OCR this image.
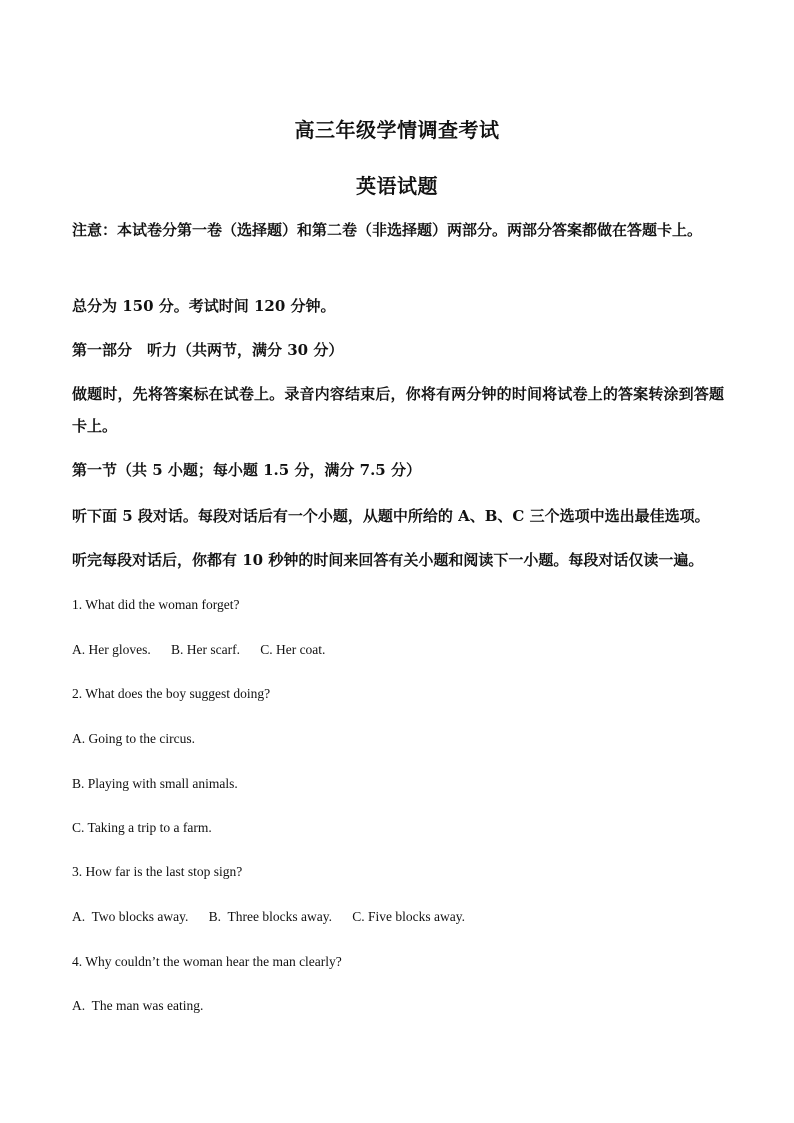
高三年级学情调查考试
英语试题
注意：本试卷分第一卷（选择题）和第二卷（非选择题）两部分。两部分答案都做在答题卡上。
总分为 150 分。考试时间 120 分钟。
第一部分　听力（共两节，满分 30 分）
做题时，先将答案标在试卷上。录音内容结束后，你将有两分钟的时间将试卷上的答案转涂到答题卡上。
第一节（共 5 小题；每小题 1.5 分，满分 7.5 分）
听下面 5 段对话。每段对话后有一个小题，从题中所给的 A、B、C 三个选项中选出最佳选项。
听完每段对话后，你都有 10 秒钟的时间来回答有关小题和阅读下一小题。每段对话仅读一遍。
1. What did the woman forget?
A. Her gloves.      B. Her scarf.      C. Her coat.
2. What does the boy suggest doing?
A. Going to the circus.
B. Playing with small animals.
C. Taking a trip to a farm.
3. How far is the last stop sign?
A.  Two blocks away.      B.  Three blocks away.      C. Five blocks away.
4. Why couldn’t the woman hear the man clearly?
A.  The man was eating.
